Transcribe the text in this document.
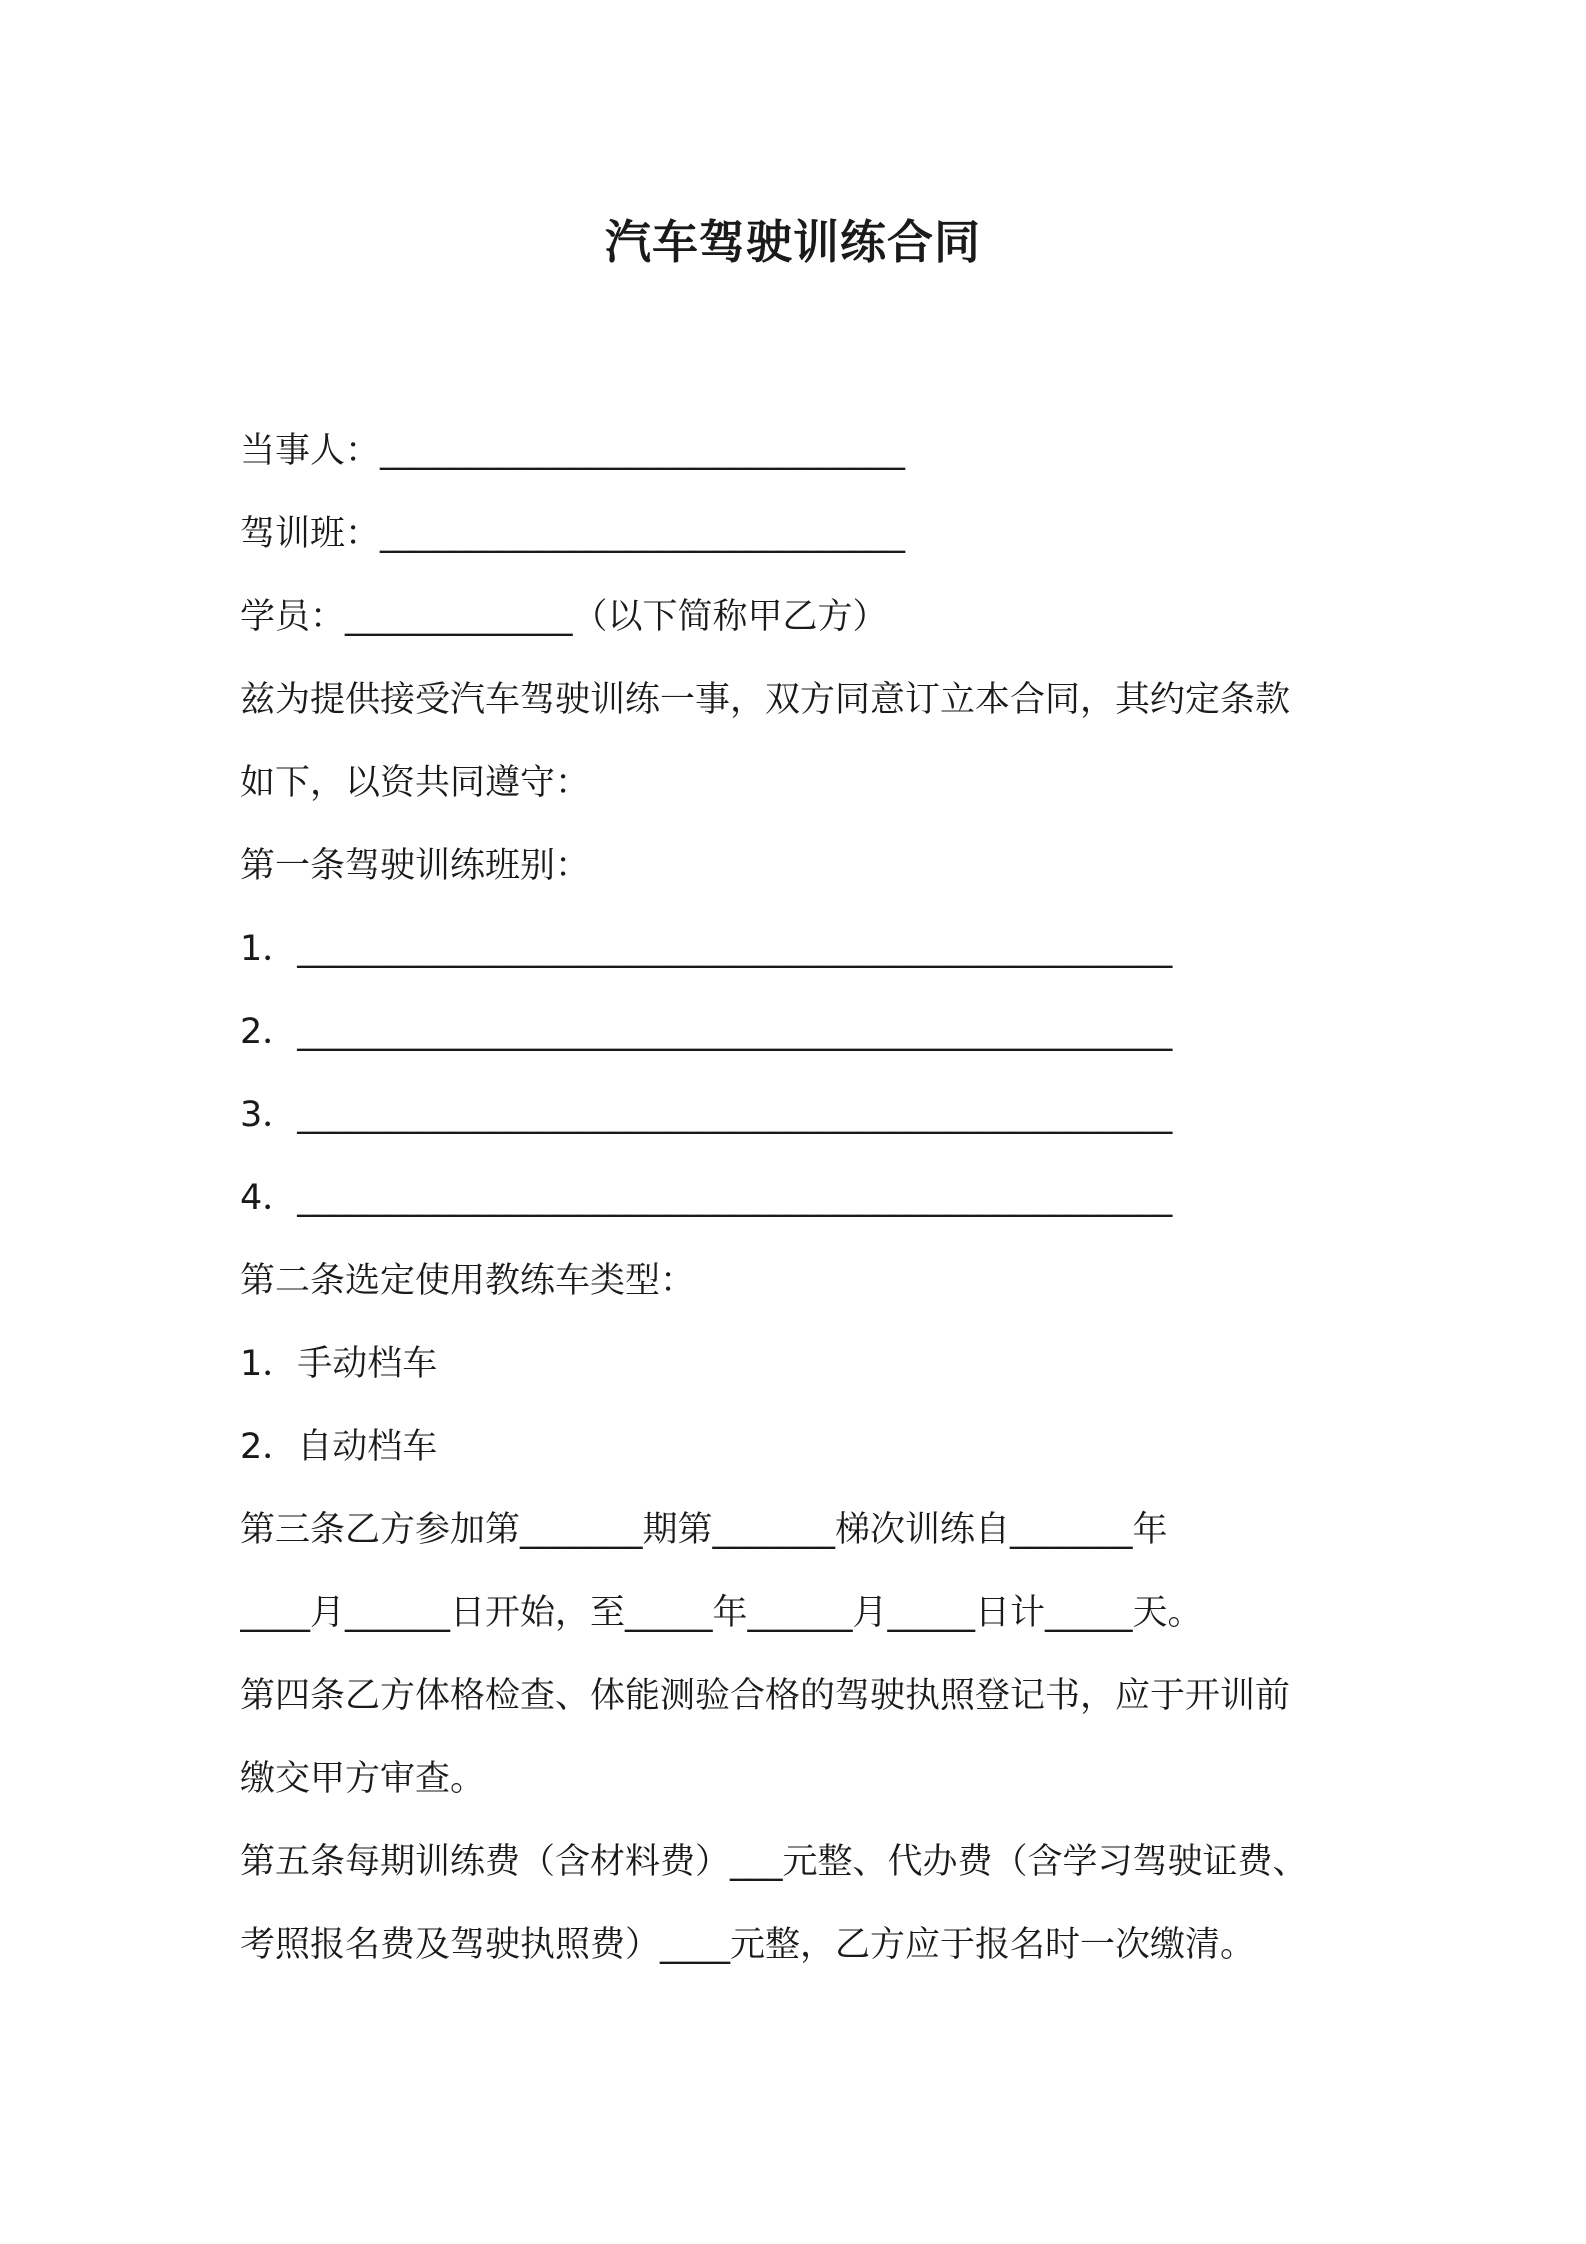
汽车驾驶训练合同
当事人：______________________________
驾训班：______________________________
学员：_____________（以下简称甲乙方）
兹为提供接受汽车驾驶训练一事，双方同意订立本合同，其约定条款
如下，以资共同遵守：
第一条驾驶训练班别：
1．__________________________________________________
2．__________________________________________________
3．__________________________________________________
4．__________________________________________________
第二条选定使用教练车类型：
1．手动档车
2．自动档车
第三条乙方参加第_______期第_______梯次训练自_______年
____月______日开始，至_____年______月_____日计_____天。
第四条乙方体格检查、体能测验合格的驾驶执照登记书，应于开训前
缴交甲方审查。
第五条每期训练费（含材料费）___元整、代办费（含学习驾驶证费、
考照报名费及驾驶执照费）____元整，乙方应于报名时一次缴清。
